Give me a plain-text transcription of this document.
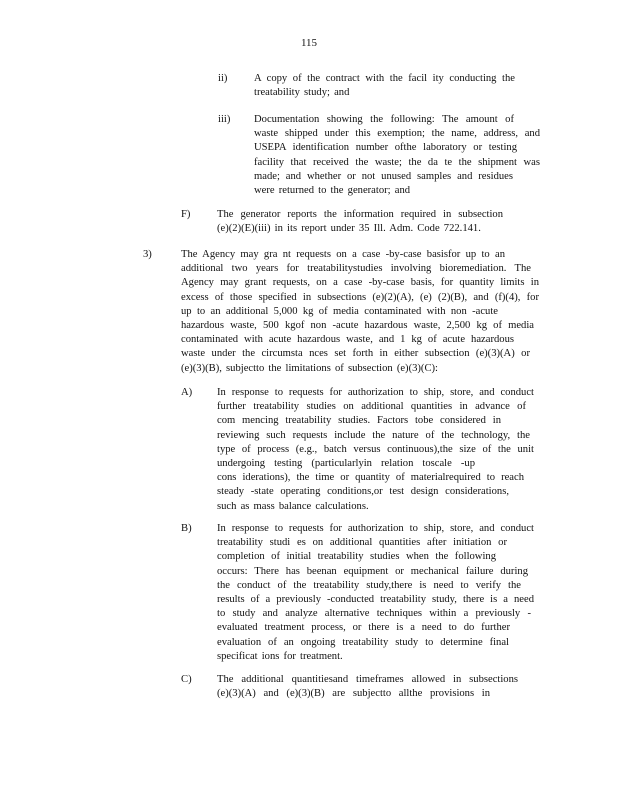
115
ii)	A copy of the contract with the facil ity conducting the
treatability study; and
iii)	Documentation showing the following: The amount of
waste shipped under this exemption; the name, address, and
USEPA identification number ofthe laboratory or testing
facility that received the waste; the da te the shipment was
made; and whether or not unused samples and residues
were returned to the generator; and
F)	The generator reports the information required in subsection
(e)(2)(E)(iii) in its report under 35 Ill. Adm. Code 722.141.
3)	The Agency may gra nt requests on a case -by-case basisfor up to an
additional two years for treatabilitystudies involving bioremediation. The
Agency may grant requests, on a case -by-case basis, for quantity limits in
excess of those specified in subsections (e)(2)(A), (e) (2)(B), and (f)(4), for
up to an additional 5,000 kg of media contaminated with non -acute
hazardous waste, 500 kgof non -acute hazardous waste, 2,500 kg of media
contaminated with acute hazardous waste, and 1 kg of acute hazardous
waste under the circumsta nces set forth in either subsection (e)(3)(A) or
(e)(3)(B), subjectto the limitations of subsection (e)(3)(C):
A)	In response to requests for authorization to ship, store, and conduct
further treatability studies on additional quantities in advance of
com mencing treatability studies. Factors tobe considered in
reviewing such requests include the nature of the technology, the
type of process (e.g., batch versus continuous),the size of the unit
undergoing testing (particularlyin relation toscale -up
cons iderations), the time or quantity of materialrequired to reach
steady -state operating conditions,or test design considerations,
such as mass balance calculations.
B)	In response to requests for authorization to ship, store, and conduct
treatability studi es on additional quantities after initiation or
completion of initial treatability studies when the following
occurs: There has beenan equipment or mechanical failure during
the conduct of the treatability study,there is need to verify the
results of a previously -conducted treatability study, there is a need
to study and analyze alternative techniques within a previously -
evaluated treatment process, or there is a need to do further
evaluation of an ongoing treatability study to determine final
specificat ions for treatment.
C)	The additional quantitiesand timeframes allowed in subsections
(e)(3)(A) and (e)(3)(B) are subjectto allthe provisions in
